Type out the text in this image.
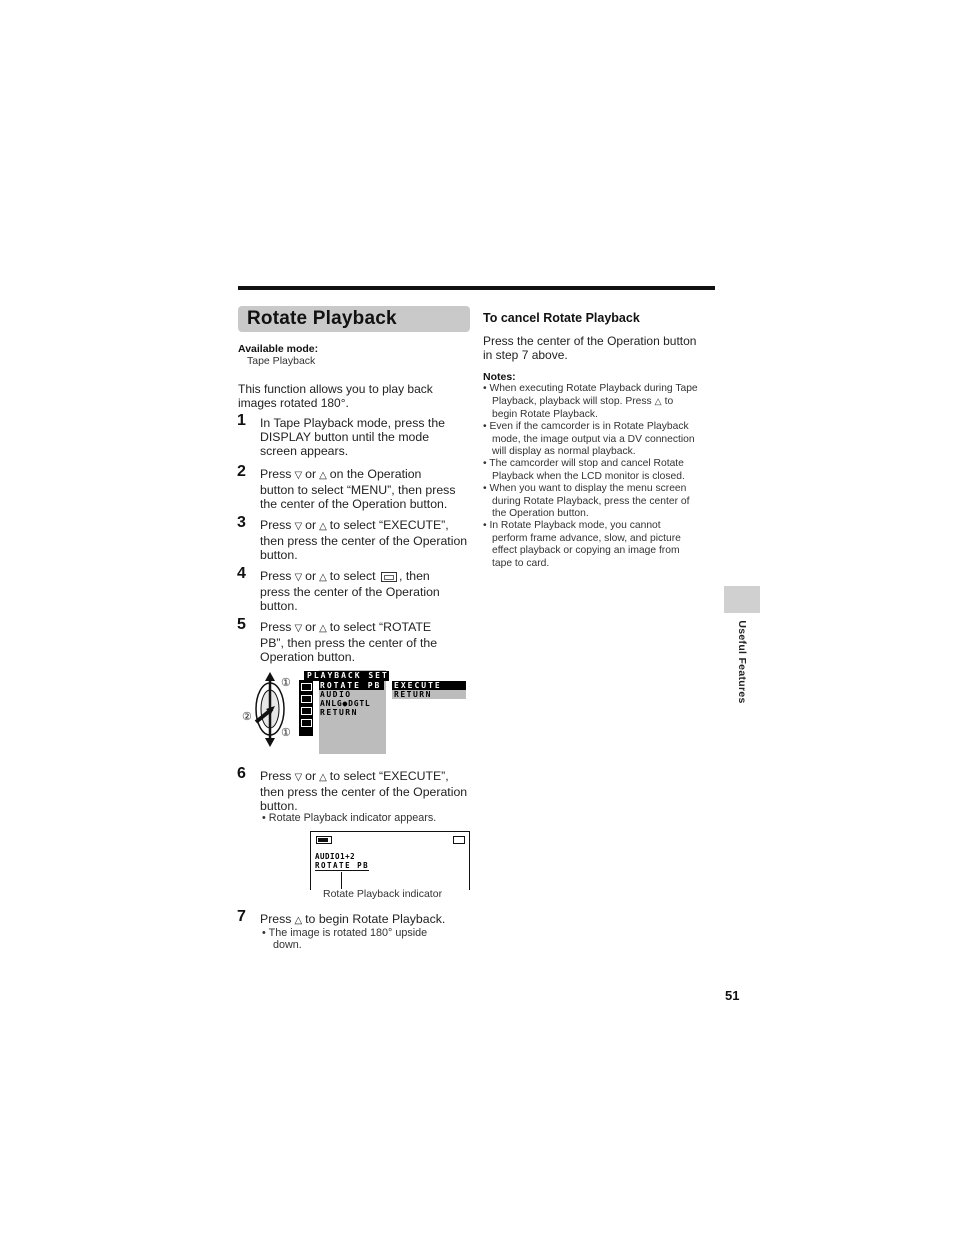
Rotate Playback
Available mode:
Tape Playback
This function allows you to play back images rotated 180°.
1 In Tape Playback mode, press the
DISPLAY button until the mode
screen appears.
2 Press ▽ or △ on the Operation
button to select “MENU”, then press
the center of the Operation button.
3 Press ▽ or △ to select “EXECUTE”,
then press the center of the Operation
button.
4 Press ▽ or △ to select , then
press the center of the Operation
button.
5 Press ▽ or △ to select “ROTATE
PB”, then press the center of the
Operation button.
①
②
①
PLAYBACK SET
ROTATE PB
AUDIO
ANLG●DGTL
RETURN
EXECUTE
RETURN
6 Press ▽ or △ to select “EXECUTE”,
then press the center of the Operation
button.
• Rotate Playback indicator appears.
AUDIO1+2
ROTATE PB
Rotate Playback indicator
7 Press △ to begin Rotate Playback.
• The image is rotated 180° upside
down.
To cancel Rotate Playback
Press the center of the Operation button
in step 7 above.
Notes:
• When executing Rotate Playback during Tape
Playback, playback will stop. Press △ to
begin Rotate Playback.
• Even if the camcorder is in Rotate Playback
mode, the image output via a DV connection
will display as normal playback.
• The camcorder will stop and cancel Rotate
Playback when the LCD monitor is closed.
• When you want to display the menu screen
during Rotate Playback, press the center of
the Operation button.
• In Rotate Playback mode, you cannot
perform frame advance, slow, and picture
effect playback or copying an image from
tape to card.
Useful Features
51
